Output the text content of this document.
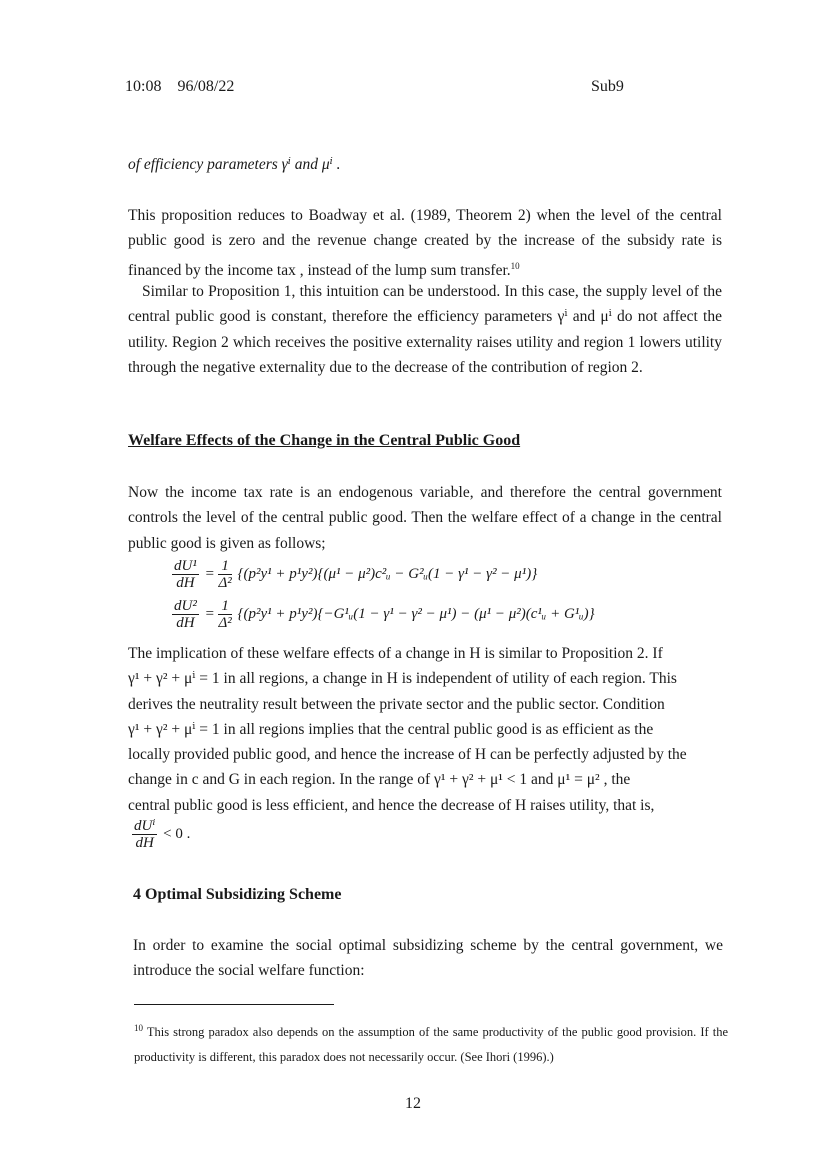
10:08    96/08/22	Sub9
of efficiency parameters γⁱ and μⁱ .
This proposition reduces to Boadway et al. (1989, Theorem 2) when the level of the central public good is zero and the revenue change created by the increase of the subsidy rate is financed by the income tax , instead of the lump sum transfer.$^{10}$
Similar to Proposition 1, this intuition can be understood. In this case, the supply level of the central public good is constant, therefore the efficiency parameters γⁱ and μⁱ do not affect the utility. Region 2 which receives the positive externality raises utility and region 1 lowers utility through the negative externality due to the decrease of the contribution of region 2.
Welfare Effects of the Change in the Central Public Good
Now the income tax rate is an endogenous variable, and therefore the central government controls the level of the central public good. Then the welfare effect of a change in the central public good is given as follows;
$\frac{\text{dU¹}}{dH} = \frac{1}{\text{Δ²}} \{(p^2y^1 + p^1y^2)\{(\mu^1$ − μ²)c²ᵤ − G²ᵤ(1 − γ¹ − γ² − μ¹)}
$\frac{\text{dU²}}{dH} = \frac{1}{\text{Δ²}} \{(p^2y^1$ + p¹y²){−G¹ᵤ(1 − γ¹ − γ² − μ¹) − (μ¹ − μ²)(c¹ᵤ + G¹ᵤ)}
The implication of these welfare effects of a change in H is similar to Proposition 2. If
γ¹ + γ² + μⁱ = 1 in all regions, a change in H is independent of utility of each region. This
derives the neutrality result between the private sector and the public sector. Condition
γ¹ + γ² + μⁱ = 1 in all regions implies that the central public good is as efficient as the
locally provided public good, and hence the increase of H can be perfectly adjusted by the
change in c and G in each region. In the range of γ¹ + γ² + μ¹ < 1 and μ¹ = μ² , the
central public good is less efficient, and hence the decrease of H raises utility, that is,
$\frac{\text{dUⁱ}}{dH} < 0$ .
4 Optimal Subsidizing Scheme
In order to examine the social optimal subsidizing scheme by the central government, we introduce the social welfare function:
$^{10}$ This strong paradox also depends on the assumption of the same productivity of the public good provision. If the productivity is different, this paradox does not necessarily occur. (See Ihori (1996).)
12
